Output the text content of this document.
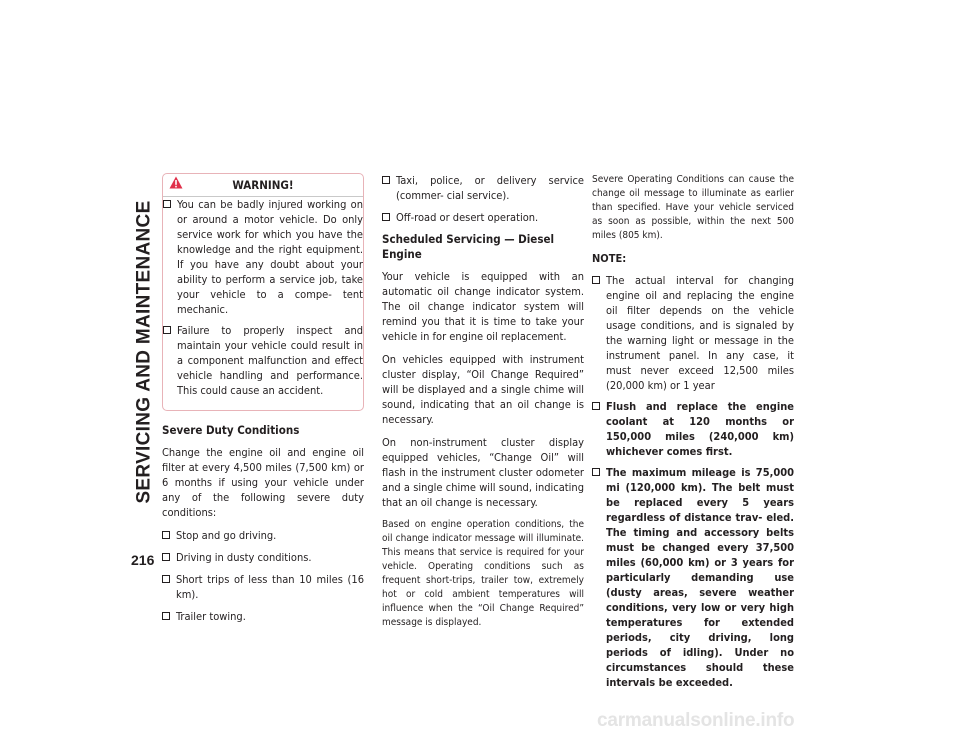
SERVICING AND MAINTENANCE
216
WARNING!
You can be badly injured working on or around a motor vehicle. Do only service work for which you have the knowledge and the right equipment. If you have any doubt about your ability to perform a service job, take your vehicle to a compe- tent mechanic.
Failure to properly inspect and maintain your vehicle could result in a component malfunction and effect vehicle handling and performance. This could cause an accident.
Severe Duty Conditions

Change the engine oil and engine oil filter at every 4,500 miles (7,500 km) or 6 months if using your vehicle under any of the following severe duty conditions:

Stop and go driving.
Driving in dusty conditions.
Short trips of less than 10 miles (16 km).
Trailer towing.
Taxi, police, or delivery service (commer- cial service).
Off-road or desert operation.
Scheduled Servicing — Diesel Engine

Your vehicle is equipped with an automatic oil change indicator system. The oil change indicator system will remind you that it is time to take your vehicle in for engine oil replacement.

On vehicles equipped with instrument cluster display, “Oil Change Required” will be displayed and a single chime will sound, indicating that an oil change is necessary.

On non-instrument cluster display equipped vehicles, “Change Oil” will flash in the instrument cluster odometer and a single chime will sound, indicating that an oil change is necessary.

Based on engine operation conditions, the oil change indicator message will illuminate. This means that service is required for your vehicle. Operating conditions such as frequent short-trips, trailer tow, extremely hot or cold ambient temperatures will influence when the “Oil Change Required” message is displayed.

Severe Operating Conditions can cause the change oil message to illuminate as earlier than specified. Have your vehicle serviced as soon as possible, within the next 500 miles (805 km).

NOTE:
The actual interval for changing engine oil and replacing the engine oil filter depends on the vehicle usage conditions, and is signaled by the warning light or message in the instrument panel. In any case, it must never exceed 12,500 miles (20,000 km) or 1 year
Flush and replace the engine coolant at 120 months or 150,000 miles (240,000 km) whichever comes first.
The maximum mileage is 75,000 mi (120,000 km). The belt must be replaced every 5 years regardless of distance trav- eled. The timing and accessory belts must be changed every 37,500 miles (60,000 km) or 3 years for particularly demanding use (dusty areas, severe weather conditions, very low or very high temperatures for extended periods, city driving, long periods of idling). Under no circumstances should these intervals be exceeded.
carmanualsonline.info
